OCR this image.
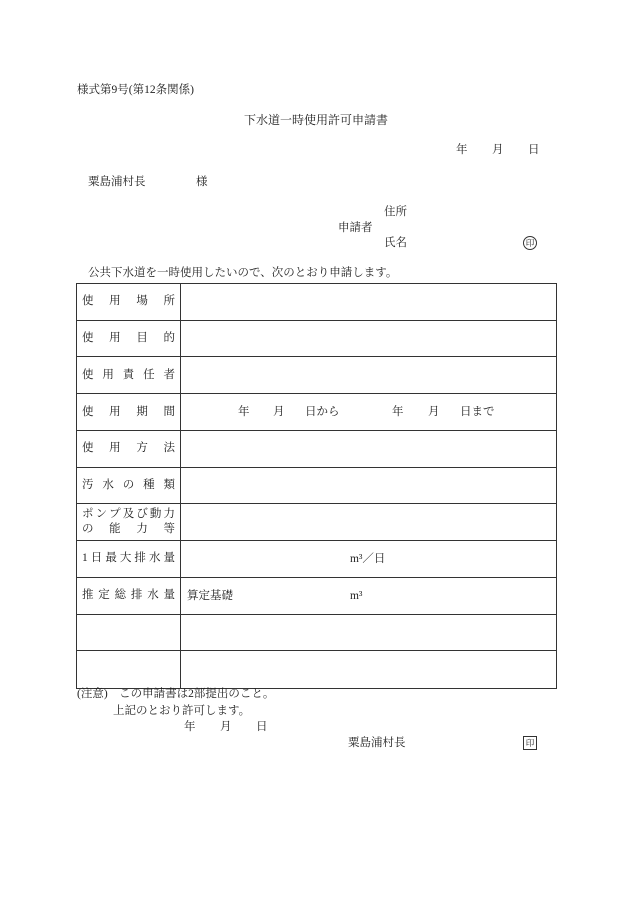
様式第9号(第12条関係)
下水道一時使用許可申請書
年 月 日
粟島浦村長	様
住所
申請者
氏名	印
公共下水道を一時使用したいので、次のとおり申請します。
使用場所
使用目的
使用責任者
使用期間	年 月 日から	年 月 日まで
使用方法
汚水の種類
ポンプ及び動力
の能力等
1日最大排水量	m³／日
推定総排水量 算定基礎	m³
(注意)　この申請書は2部提出のこと。
上記のとおり許可します。
年 月 日
粟島浦村長	印
